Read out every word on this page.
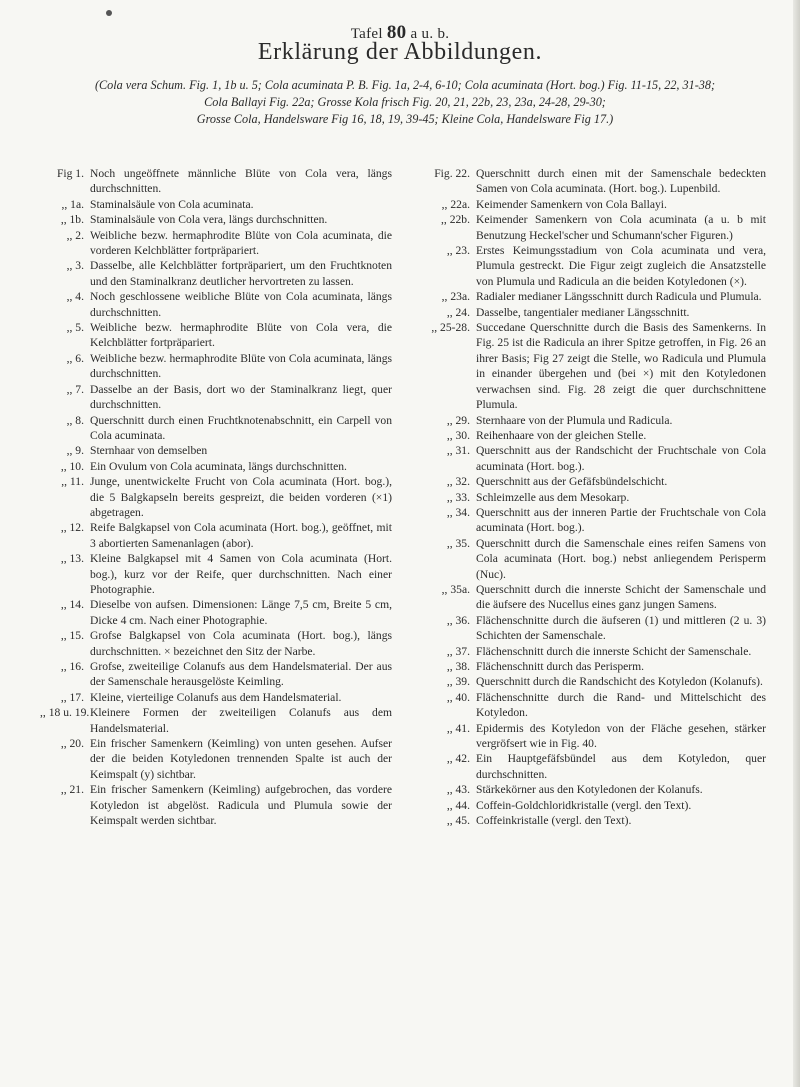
Tafel 80 a u. b.
Erklärung der Abbildungen.
(Cola vera Schum. Fig. 1, 1b u. 5; Cola acuminata P. B. Fig. 1a, 2-4, 6-10; Cola acuminata (Hort. bog.) Fig. 11-15, 22, 31-38;
Cola Ballayi Fig. 22a; Grosse Kola frisch Fig. 20, 21, 22b, 23, 23a, 24-28, 29-30;
Grosse Cola, Handelsware Fig 16, 18, 19, 39-45; Kleine Cola, Handelsware Fig 17.)
Fig 1. Noch ungeöffnete männliche Blüte von Cola vera, längs durchschnitten.
,, 1a. Staminalsäule von Cola acuminata.
,, 1b. Staminalsäule von Cola vera, längs durchschnitten.
,, 2. Weibliche bezw. hermaphrodite Blüte von Cola acuminata, die vorderen Kelchblätter fortpräpariert.
,, 3. Dasselbe, alle Kelchblätter fortpräpariert, um den Fruchtknoten und den Staminalkranz deutlicher hervortreten zu lassen.
,, 4. Noch geschlossene weibliche Blüte von Cola acuminata, längs durchschnitten.
,, 5. Weibliche bezw. hermaphrodite Blüte von Cola vera, die Kelchblätter fortpräpariert.
,, 6. Weibliche bezw. hermaphrodite Blüte von Cola acuminata, längs durchschnitten.
,, 7. Dasselbe an der Basis, dort wo der Staminalkranz liegt, quer durchschnitten.
,, 8. Querschnitt durch einen Fruchtknotenabschnitt, ein Carpell von Cola acuminata.
,, 9. Sternhaar von demselben
,, 10. Ein Ovulum von Cola acuminata, längs durchschnitten.
,, 11. Junge, unentwickelte Frucht von Cola acuminata (Hort. bog.), die 5 Balgkapseln bereits gespreizt, die beiden vorderen (×1) abgetragen.
,, 12. Reife Balgkapsel von Cola acuminata (Hort. bog.), geöffnet, mit 3 abortierten Samenanlagen (abor).
,, 13. Kleine Balgkapsel mit 4 Samen von Cola acuminata (Hort. bog.), kurz vor der Reife, quer durchschnitten. Nach einer Photographie.
,, 14. Dieselbe von aufsen. Dimensionen: Länge 7,5 cm, Breite 5 cm, Dicke 4 cm. Nach einer Photographie.
,, 15. Grofse Balgkapsel von Cola acuminata (Hort. bog.), längs durchschnitten. × bezeichnet den Sitz der Narbe.
,, 16. Grofse, zweiteilige Colanufs aus dem Handelsmaterial. Der aus der Samenschale herausgelöste Keimling.
,, 17. Kleine, vierteilige Colanufs aus dem Handelsmaterial.
,, 18 u. 19. Kleinere Formen der zweiteiligen Colanufs aus dem Handelsmaterial.
,, 20. Ein frischer Samenkern (Keimling) von unten gesehen. Aufser der die beiden Kotyledonen trennenden Spalte ist auch der Keimspalt (y) sichtbar.
,, 21. Ein frischer Samenkern (Keimling) aufgebrochen, das vordere Kotyledon ist abgelöst. Radicula und Plumula sowie der Keimspalt werden sichtbar.
Fig. 22. Querschnitt durch einen mit der Samenschale bedeckten Samen von Cola acuminata. (Hort. bog.). Lupenbild.
,, 22a. Keimender Samenkern von Cola Ballayi.
,, 22b. Keimender Samenkern von Cola acuminata (a u. b mit Benutzung Heckel'scher und Schumann'scher Figuren.)
,, 23. Erstes Keimungsstadium von Cola acuminata und vera, Plumula gestreckt. Die Figur zeigt zugleich die Ansatzstelle von Plumula und Radicula an die beiden Kotyledonen (×).
,, 23a. Radialer medianer Längsschnitt durch Radicula und Plumula.
,, 24. Dasselbe, tangentialer medianer Längsschnitt.
,, 25-28. Succedane Querschnitte durch die Basis des Samenkerns. In Fig. 25 ist die Radicula an ihrer Spitze getroffen, in Fig. 26 an ihrer Basis; Fig 27 zeigt die Stelle, wo Radicula und Plumula in einander übergehen und (bei ×) mit den Kotyledonen verwachsen sind. Fig. 28 zeigt die quer durchschnittene Plumula.
,, 29. Sternhaare von der Plumula und Radicula.
,, 30. Reihenhaare von der gleichen Stelle.
,, 31. Querschnitt aus der Randschicht der Fruchtschale von Cola acuminata (Hort. bog.).
,, 32. Querschnitt aus der Gefäfsbündelschicht.
,, 33. Schleimzelle aus dem Mesokarp.
,, 34. Querschnitt aus der inneren Partie der Fruchtschale von Cola acuminata (Hort. bog.).
,, 35. Querschnitt durch die Samenschale eines reifen Samens von Cola acuminata (Hort. bog.) nebst anliegendem Perisperm (Nuc).
,, 35a. Querschnitt durch die innerste Schicht der Samenschale und die äufsere des Nucellus eines ganz jungen Samens.
,, 36. Flächenschnitte durch die äufseren (1) und mittleren (2 u. 3) Schichten der Samenschale.
,, 37. Flächenschnitt durch die innerste Schicht der Samenschale.
,, 38. Flächenschnitt durch das Perisperm.
,, 39. Querschnitt durch die Randschicht des Kotyledon (Kolanufs).
,, 40. Flächenschnitte durch die Rand- und Mittelschicht des Kotyledon.
,, 41. Epidermis des Kotyledon von der Fläche gesehen, stärker vergröfsert wie in Fig. 40.
,, 42. Ein Hauptgefäfsbündel aus dem Kotyledon, quer durchschnitten.
,, 43. Stärkekörner aus den Kotyledonen der Kolanufs.
,, 44. Coffein-Goldchloridkristalle (vergl. den Text).
,, 45. Coffeinkristalle (vergl. den Text).
